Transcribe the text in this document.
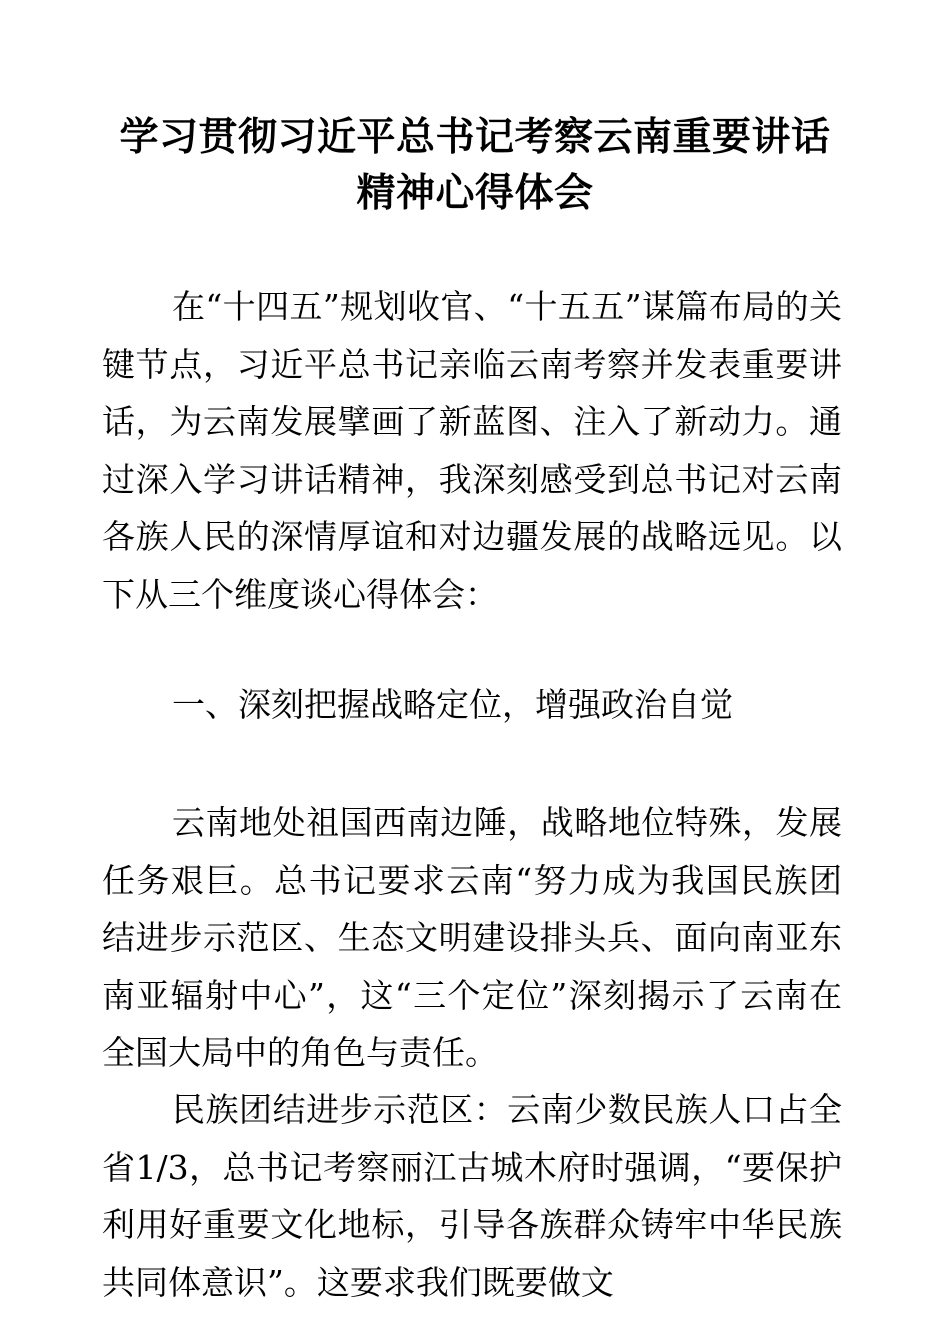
学习贯彻习近平总书记考察云南重要讲话
精神心得体会

在“十四五”规划收官、“十五五”谋篇布局的关键节点，习近平总书记亲临云南考察并发表重要讲话，为云南发展擘画了新蓝图、注入了新动力。通过深入学习讲话精神，我深刻感受到总书记对云南各族人民的深情厚谊和对边疆发展的战略远见。以下从三个维度谈心得体会：

一、深刻把握战略定位，增强政治自觉

云南地处祖国西南边陲，战略地位特殊，发展任务艰巨。总书记要求云南“努力成为我国民族团结进步示范区、生态文明建设排头兵、面向南亚东南亚辐射中心”，这“三个定位”深刻揭示了云南在全国大局中的角色与责任。

民族团结进步示范区：云南少数民族人口占全省1/3，总书记考察丽江古城木府时强调，“要保护利用好重要文化地标，引导各族群众铸牢中华民族共同体意识”。这要求我们既要做文
